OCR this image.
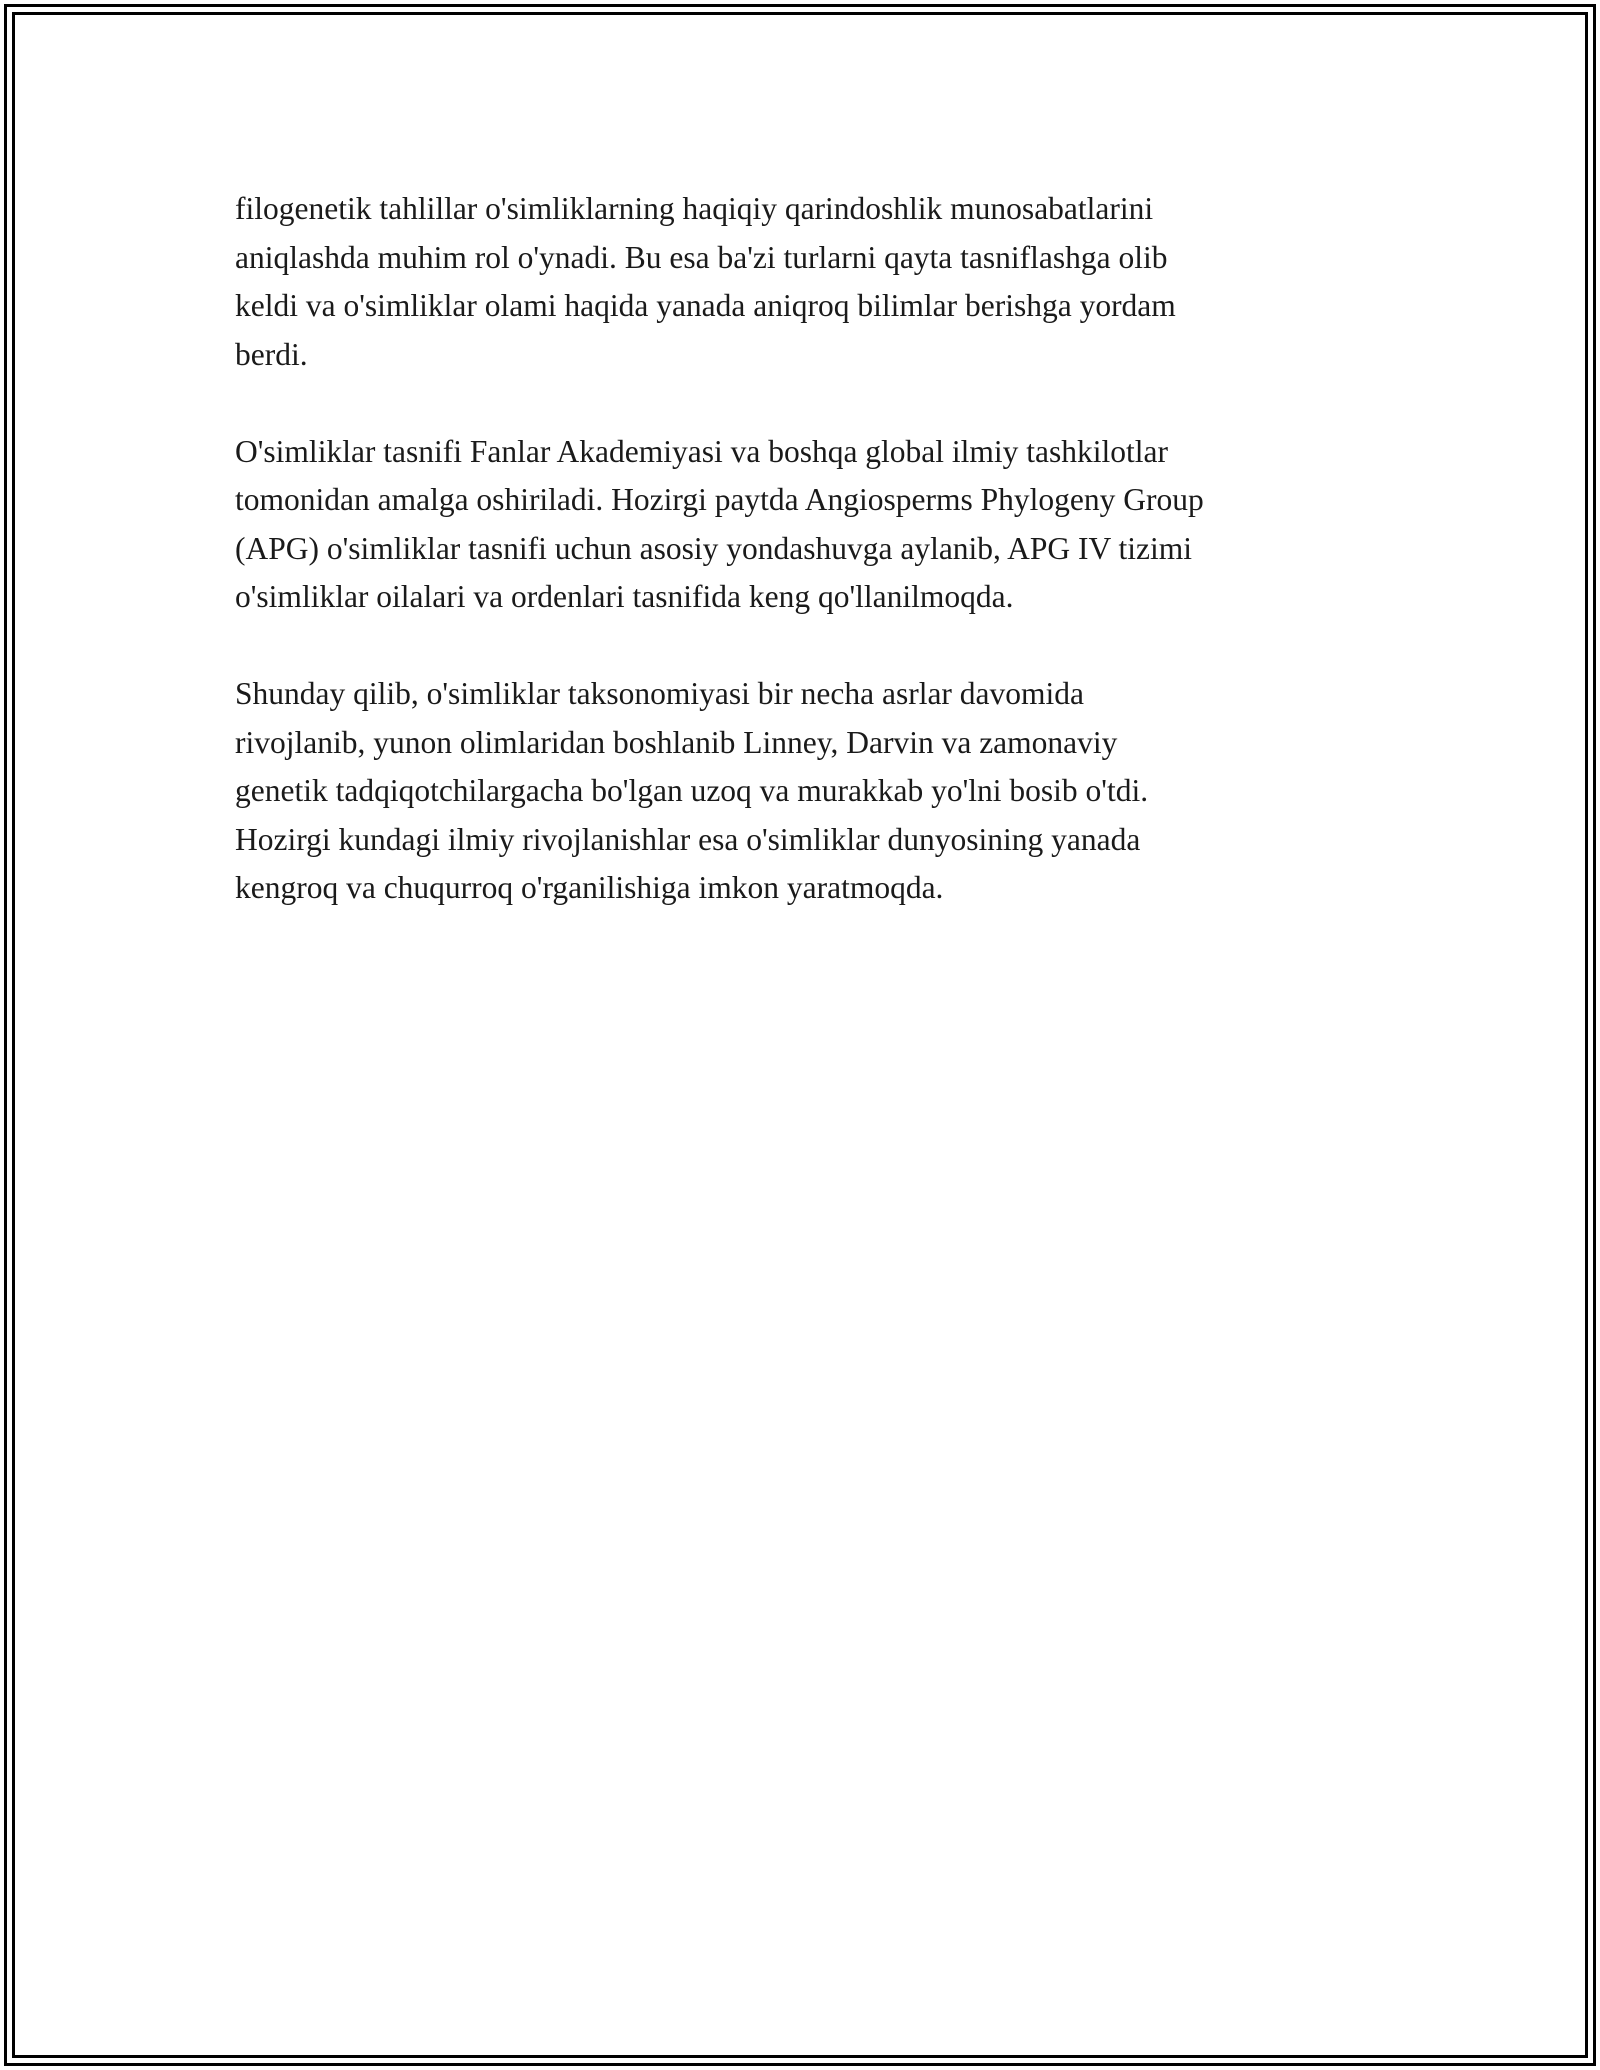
filogenetik tahlillar o'simliklarning haqiqiy qarindoshlik munosabatlarini
aniqlashda muhim rol o'ynadi. Bu esa ba'zi turlarni qayta tasniflashga olib
keldi va o'simliklar olami haqida yanada aniqroq bilimlar berishga yordam
berdi.

O'simliklar tasnifi Fanlar Akademiyasi va boshqa global ilmiy tashkilotlar
tomonidan amalga oshiriladi. Hozirgi paytda Angiosperms Phylogeny Group
(APG) o'simliklar tasnifi uchun asosiy yondashuvga aylanib, APG IV tizimi
o'simliklar oilalari va ordenlari tasnifida keng qo'llanilmoqda.

Shunday qilib, o'simliklar taksonomiyasi bir necha asrlar davomida
rivojlanib, yunon olimlaridan boshlanib Linney, Darvin va zamonaviy
genetik tadqiqotchilargacha bo'lgan uzoq va murakkab yo'lni bosib o'tdi.
Hozirgi kundagi ilmiy rivojlanishlar esa o'simliklar dunyosining yanada
kengroq va chuqurroq o'rganilishiga imkon yaratmoqda.
